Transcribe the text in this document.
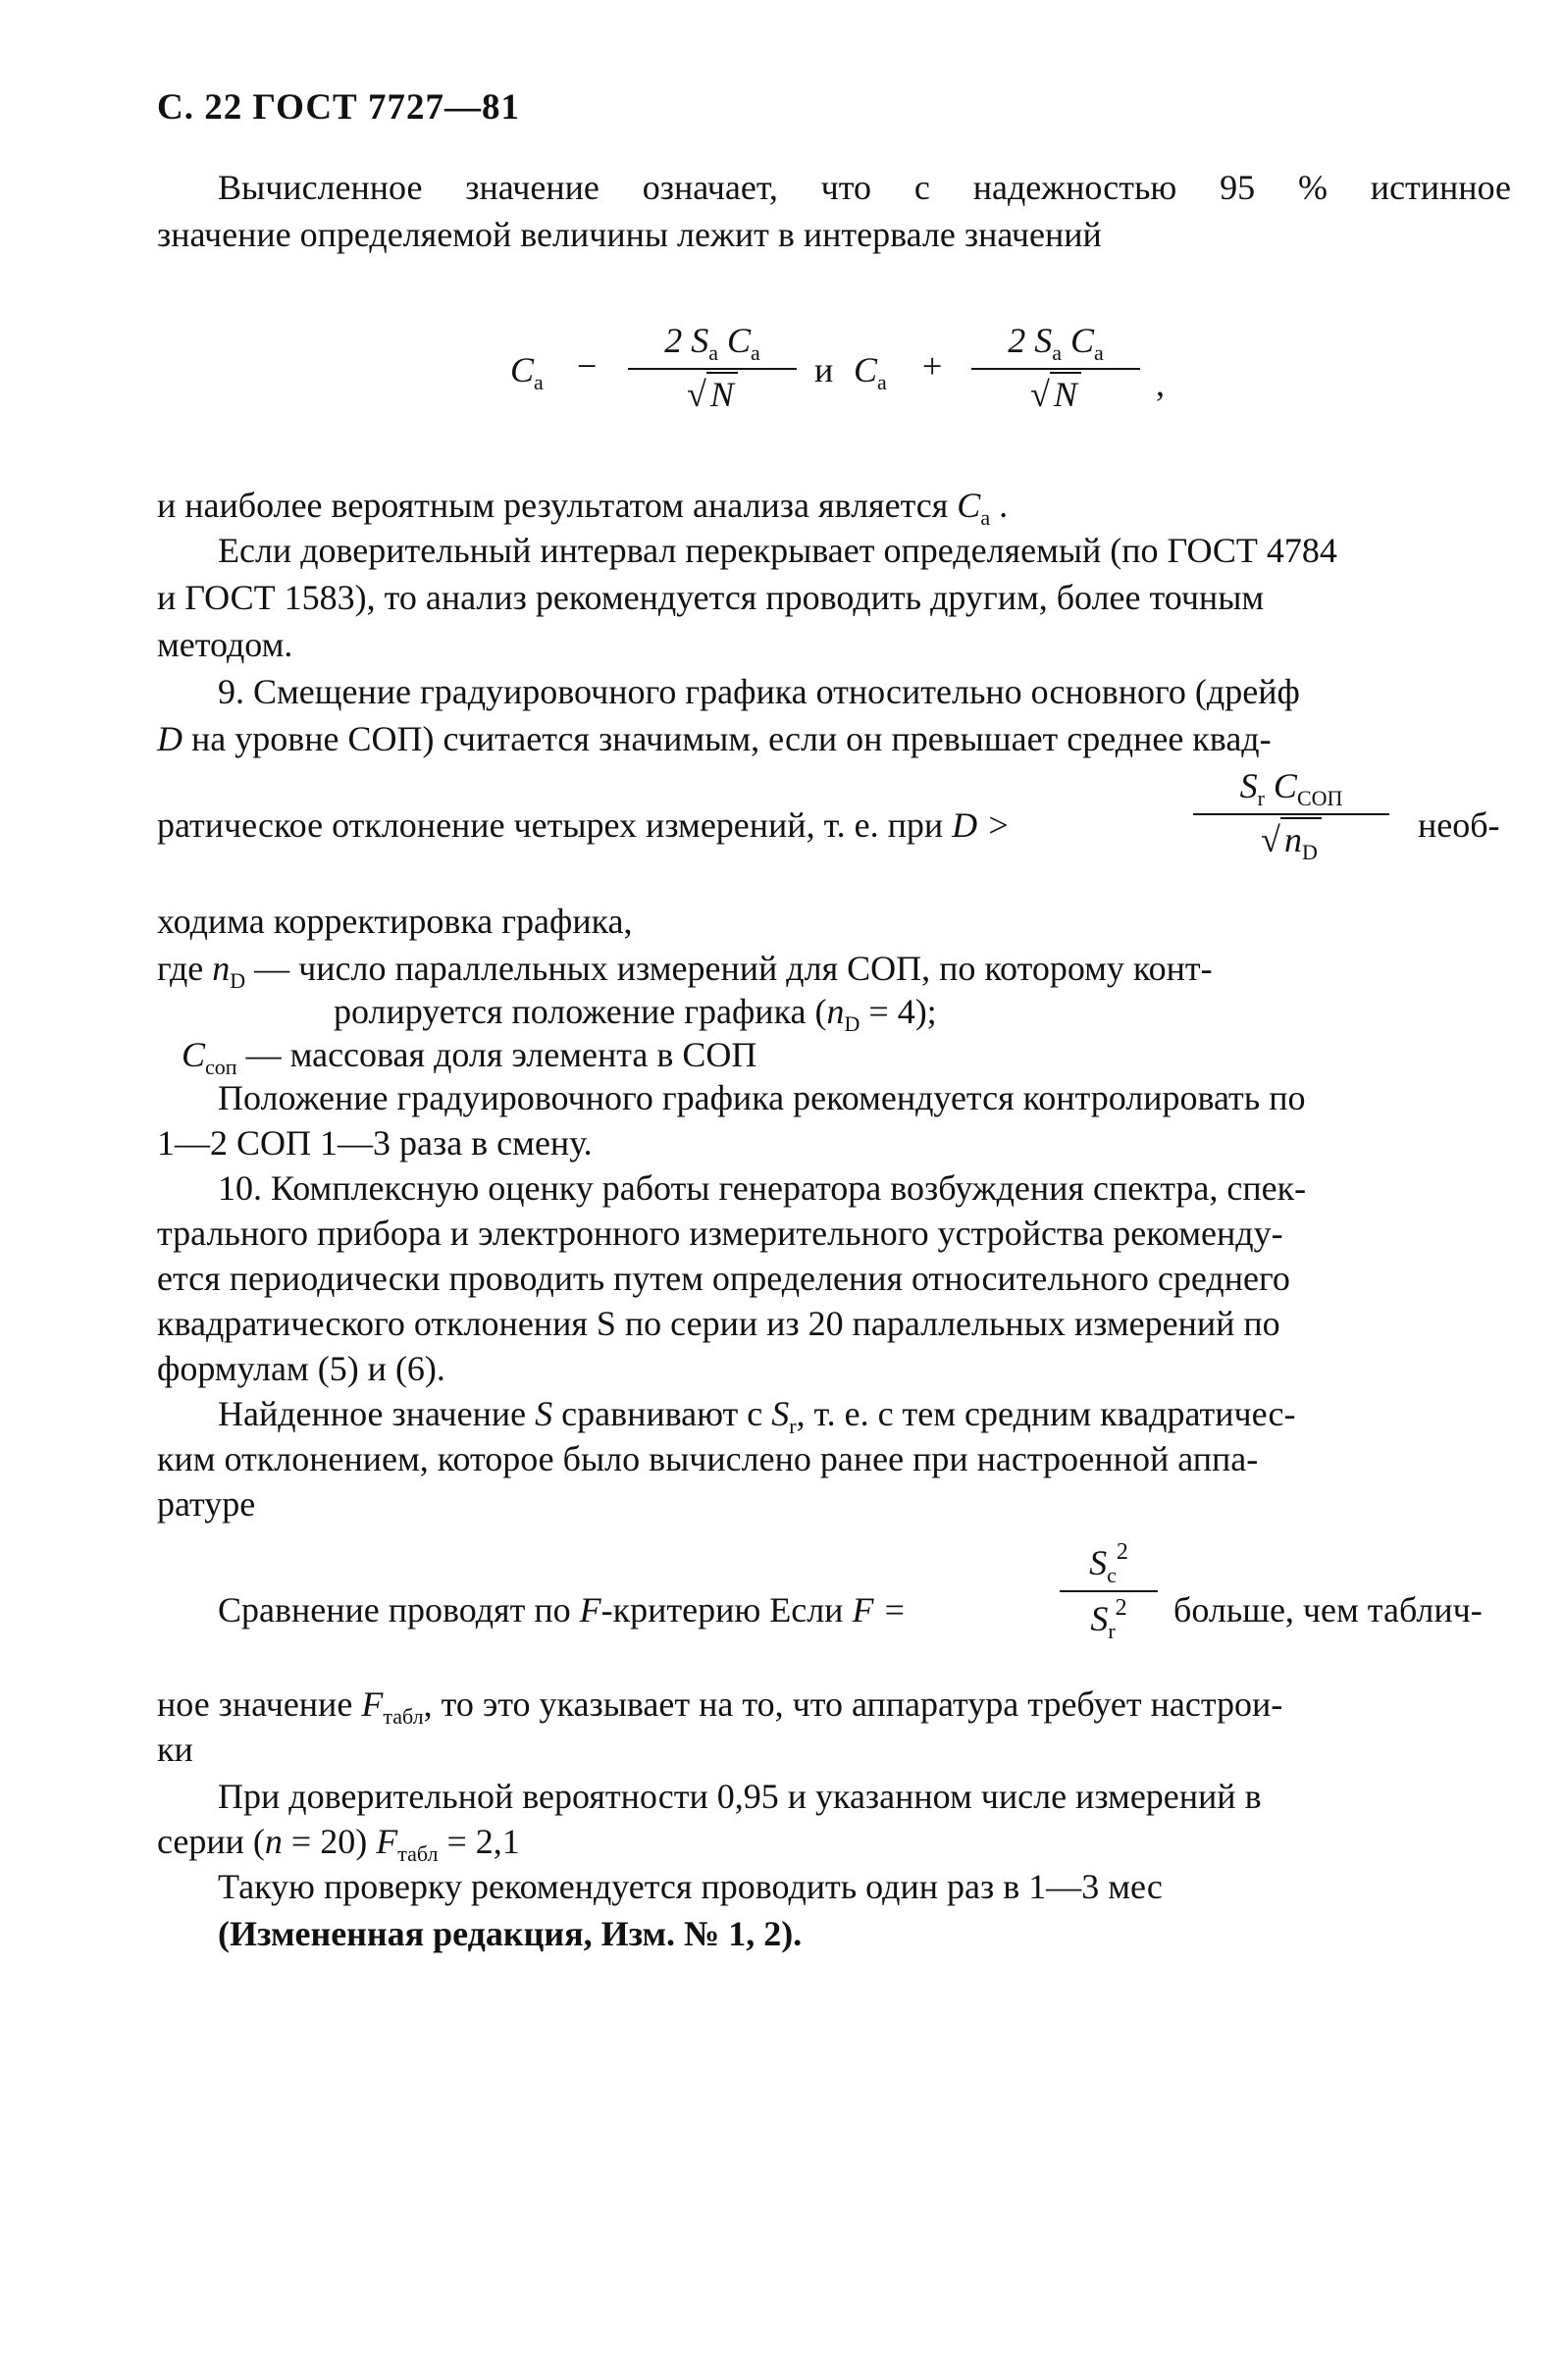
С. 22 ГОСТ 7727—81
Вычисленное значение означает, что с надежностью 95 % истинное
значение определяемой величины лежит в интервале значений
$C_а$ −
2 $S_а$ $C_а$
√ N
и $C_а$ +
2 $S_а$ $C_а$
√ N	,
и наиболее вероятным результатом анализа является $C_а$ .
Если доверительный интервал перекрывает определяемый (по ГОСТ 4784
и ГОСТ 1583), то анализ рекомендуется проводить другим, более точным
методом.
9. Смещение градуировочного графика относительно основного (дрейф
D на уровне СОП) считается значимым, если он превышает среднее квад-
ратическое отклонение четырех измерений, т. е. при D >
$S_r$ $C_{СОП}$
√ $n_D$
необ-
ходима корректировка графика,
где $n_D$ — число параллельных измерений для СОП, по которому конт-
ролируется положение графика $(n_D = 4)$;
$C_{соп}$ — массовая доля элемента в СОП
Положение градуировочного графика рекомендуется контролировать по
1—2 СОП 1—3 раза в смену.
10. Комплексную оценку работы генератора возбуждения спектра, спек-
трального прибора и электронного измерительного устройства рекоменду-
ется периодически проводить путем определения относительного среднего
квадратического отклонения S по серии из 20 параллельных измерений по
формулам (5) и (6).
Найденное значение S сравнивают с $S_r$, т. е. с тем средним квадратичес-
ким отклонением, которое было вычислено ранее при настроенной аппа-
ратуре
Сравнение проводят по F-критерию Если F =
$S_c^2$
$S_r^2$	больше, чем таблич-
ное значение $F_{табл}$, то это указывает на то, что аппаратура требует настрои-
ки
При доверительной вероятности 0,95 и указанном числе измерений в
серии (n = 20) $F_{табл} = 2,1$
Такую проверку рекомендуется проводить один раз в 1—3 мес
(Измененная редакция, Изм. № 1, 2).
